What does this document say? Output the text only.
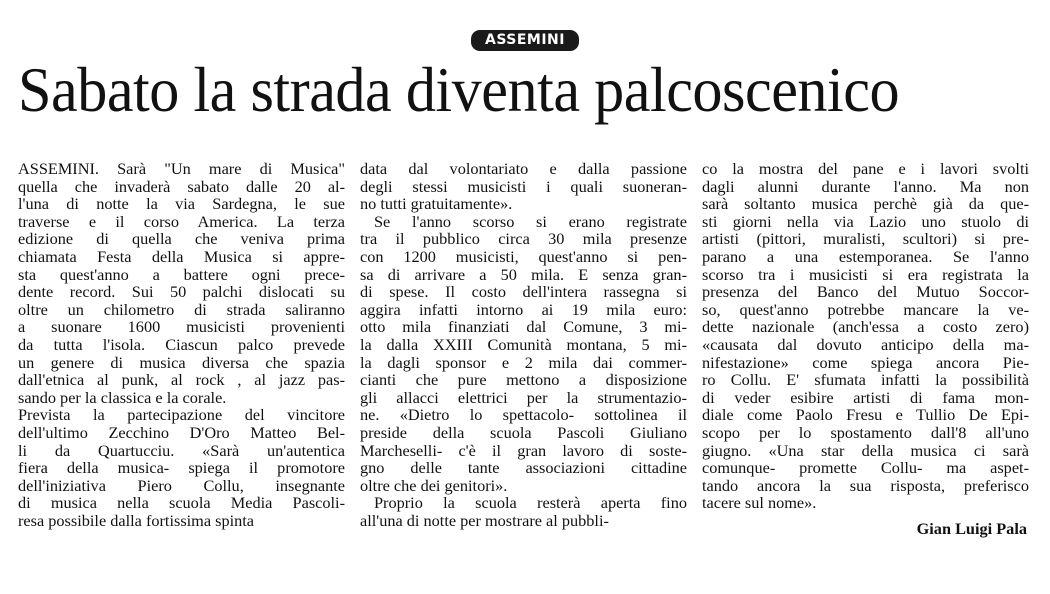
ASSEMINI
Sabato la strada diventa palcoscenico
ASSEMINI. Sarà "Un mare di Musica"
quella che invaderà sabato dalle 20 al-
l'una di notte la via Sardegna, le sue
traverse e il corso America. La terza
edizione di quella che veniva prima
chiamata Festa della Musica si appre-
sta quest'anno a battere ogni prece-
dente record. Sui 50 palchi dislocati su
oltre un chilometro di strada saliranno
a suonare 1600 musicisti provenienti
da tutta l'isola. Ciascun palco prevede
un genere di musica diversa che spazia
dall'etnica al punk, al rock , al jazz pas-
sando per la classica e la corale.
Prevista la partecipazione del vincitore
dell'ultimo Zecchino D'Oro Matteo Bel-
li da Quartucciu. «Sarà un'autentica
fiera della musica- spiega il promotore
dell'iniziativa Piero Collu, insegnante
di musica nella scuola Media Pascoli-
resa possibile dalla fortissima spinta
data dal volontariato e dalla passione
degli stessi musicisti i quali suoneran-
no tutti gratuitamente».
Se l'anno scorso si erano registrate
tra il pubblico circa 30 mila presenze
con 1200 musicisti, quest'anno si pen-
sa di arrivare a 50 mila. E senza gran-
di spese. Il costo dell'intera rassegna si
aggira infatti intorno ai 19 mila euro:
otto mila finanziati dal Comune, 3 mi-
la dalla XXIII Comunità montana, 5 mi-
la dagli sponsor e 2 mila dai commer-
cianti che pure mettono a disposizione
gli allacci elettrici per la strumentazio-
ne. «Dietro lo spettacolo- sottolinea il
preside della scuola Pascoli Giuliano
Marcheselli- c'è il gran lavoro di soste-
gno delle tante associazioni cittadine
oltre che dei genitori».
Proprio la scuola resterà aperta fino
all'una di notte per mostrare al pubbli-
co la mostra del pane e i lavori svolti
dagli alunni durante l'anno. Ma non
sarà soltanto musica perchè già da que-
sti giorni nella via Lazio uno stuolo di
artisti (pittori, muralisti, scultori) si pre-
parano a una estemporanea. Se l'anno
scorso tra i musicisti si era registrata la
presenza del Banco del Mutuo Soccor-
so, quest'anno potrebbe mancare la ve-
dette nazionale (anch'essa a costo zero)
«causata dal dovuto anticipo della ma-
nifestazione» come spiega ancora Pie-
ro Collu. E' sfumata infatti la possibilità
di veder esibire artisti di fama mon-
diale come Paolo Fresu e Tullio De Epi-
scopo per lo spostamento dall'8 all'uno
giugno. «Una star della musica ci sarà
comunque- promette Collu- ma aspet-
tando ancora la sua risposta, preferisco
tacere sul nome».
Gian Luigi Pala
